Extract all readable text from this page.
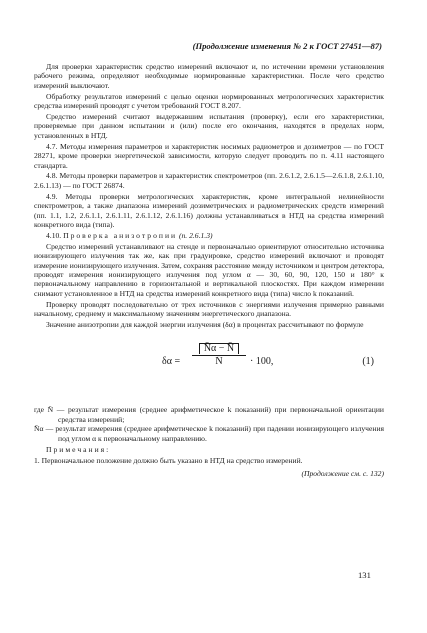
(Продолжение изменения № 2 к ГОСТ 27451—87)

Для проверки характеристик средство измерений включают и, по истечении времени установления рабочего режима, определяют необходимые нормированные характеристики. После чего средство измерений выключают.

Обработку результатов измерений с целью оценки нормированных метрологических характеристик средства измерений проводят с учетом требований ГОСТ 8.207.

Средство измерений считают выдержавшим испытания (проверку), если его характеристики, проверяемые при данном испытании и (или) после его окончания, находятся в пределах норм, установленных в НТД.

4.7. Методы измерения параметров и характеристик носимых радиометров и дозиметров — по ГОСТ 28271, кроме проверки энергетической зависимости, которую следует проводить по п. 4.11 настоящего стандарта.

4.8. Методы проверки параметров и характеристик спектрометров (пп. 2.6.1.2, 2.6.1.5—2.6.1.8, 2.6.1.10, 2.6.1.13) — по ГОСТ 26874.

4.9. Методы проверки метрологических характеристик, кроме интегральной нелинейности спектрометров, а также диапазона измерений дозиметрических и радиометрических средств измерений (пп. 1.1, 1.2, 2.6.1.1, 2.6.1.11, 2.6.1.12, 2.6.1.16) должны устанавливаться в НТД на средства измерений конкретного вида (типа).

4.10. Проверка анизотропии (п. 2.6.1.3)

Средство измерений устанавливают на стенде и первоначально ориентируют относительно источника ионизирующего излучения так же, как при градуировке, средство измерений включают и проводят измерение ионизирующего излучения. Затем, сохраняя расстояние между источником и центром детектора, проводят измерения ионизирующего излучения под углом α — 30, 60, 90, 120, 150 и 180° к первоначальному направлению в горизонтальной и вертикальной плоскостях. При каждом измерении снимают установленное в НТД на средства измерений конкретного вида (типа) число k показаний.

Проверку проводят последовательно от трех источников с энергиями излучения примерно равными начальному, среднему и максимальному значениям энергетического диапазона.

Значение анизотропии для каждой энергии излучения (δα) в процентах рассчитывают по формуле

δα =
N̄α − N̄
N̄	· 100,	(1)

где N̄ — результат измерения (среднее арифметическое k показаний) при первоначальной ориентации средства измерений;

N̄α — результат измерения (среднее арифметическое k показаний) при падении ионизирующего излучения под углом α к первоначальному направлению.

Примечания:

1. Первоначальное положение должно быть указано в НТД на средство измерений.

(Продолжение см. с. 132)

131
